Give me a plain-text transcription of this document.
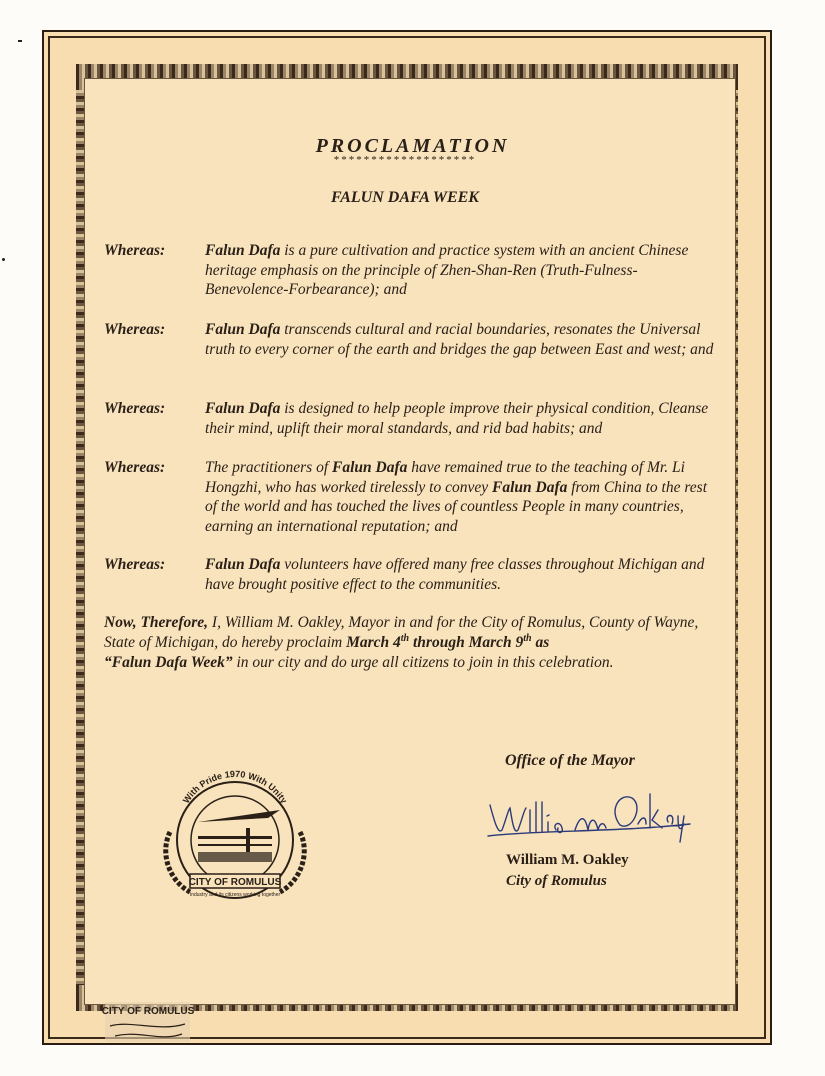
PROCLAMATION
*******************
FALUN DAFA WEEK
Whereas:	Falun Dafa is a pure cultivation and practice system with an ancient Chinese heritage emphasis on the principle of Zhen-Shan-Ren (Truth-Fulness-Benevolence-Forbearance); and
Whereas:	Falun Dafa transcends cultural and racial boundaries, resonates the Universal truth to every corner of the earth and bridges the gap between East and west; and
Whereas:	Falun Dafa is designed to help people improve their physical condition, Cleanse their mind, uplift their moral standards, and rid bad habits; and
Whereas:	The practitioners of Falun Dafa have remained true to the teaching of Mr. Li Hongzhi, who has worked tirelessly to convey Falun Dafa from China to the rest of the world and has touched the lives of countless People in many countries, earning an international reputation; and
Whereas:	Falun Dafa volunteers have offered many free classes throughout Michigan and have brought positive effect to the communities.
Now, Therefore, I, William M. Oakley, Mayor in and for the City of Romulus, County of Wayne, State of Michigan, do hereby proclaim March 4th through March 9th as
“Falun Dafa Week” in our city and do urge all citizens to join in this celebration.
Office of the Mayor
William M. Oakley
City of Romulus
With Pride 1970 With Unity
CITY OF ROMULUS
Industry and its citizens working together
CITY OF ROMULUS
